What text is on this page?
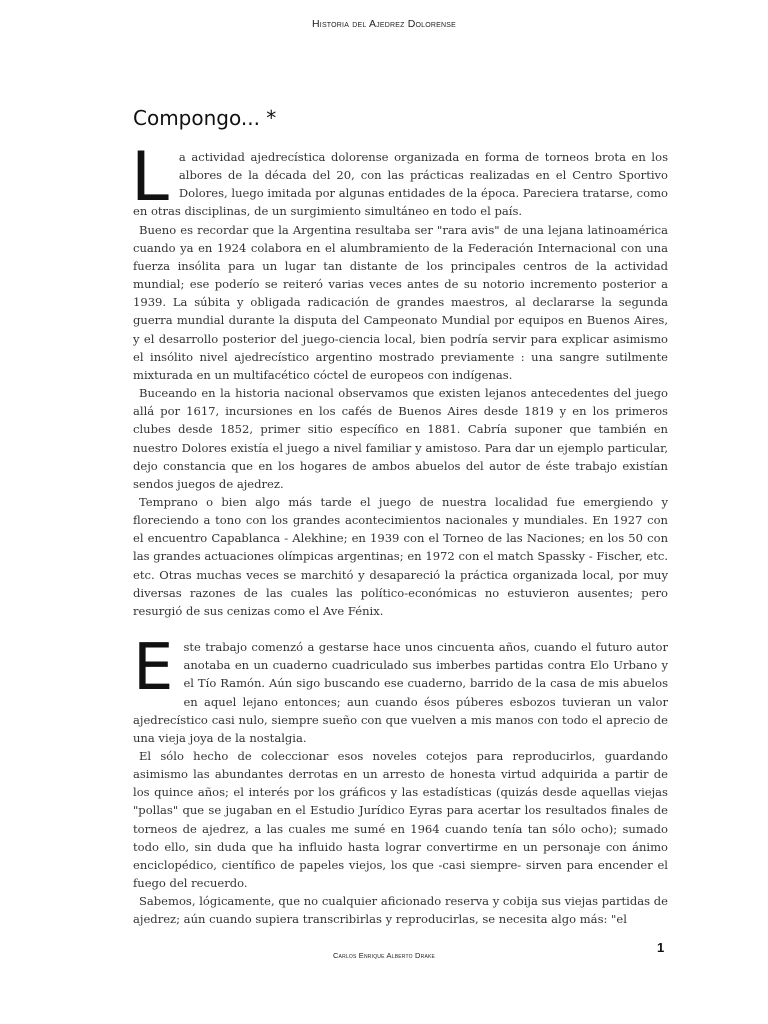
Historia del Ajedrez Dolorense
Compongo... *

La actividad ajedrecística dolorense organizada en forma de torneos brota en los albores de la década del 20, con las prácticas realizadas en el Centro Sportivo Dolores, luego imitada por algunas entidades de la época. Pareciera tratarse, como en otras disciplinas, de un surgimiento simultáneo en todo el país.

Bueno es recordar que la Argentina resultaba ser "rara avis" de una lejana latinoamérica cuando ya en 1924 colabora en el alumbramiento de la Federación Internacional con una fuerza insólita para un lugar tan distante de los principales centros de la actividad mundial; ese poderío se reiteró varias veces antes de su notorio incremento posterior a 1939. La súbita y obligada radicación de grandes maestros, al declararse la segunda guerra mundial durante la disputa del Campeonato Mundial por equipos en Buenos Aires, y el desarrollo posterior del juego-ciencia local, bien podría servir para explicar asimismo el insólito nivel ajedrecístico argentino mostrado previamente : una sangre sutilmente mixturada en un multifacético cóctel de europeos con indígenas.

Buceando en la historia nacional observamos que existen lejanos antecedentes del juego allá por 1617, incursiones en los cafés de Buenos Aires desde 1819 y en los primeros clubes desde 1852, primer sitio específico en 1881. Cabría suponer que también en nuestro Dolores existía el juego a nivel familiar y amistoso. Para dar un ejemplo particular, dejo constancia que en los hogares de ambos abuelos del autor de éste trabajo existían sendos juegos de ajedrez.

Temprano o bien algo más tarde el juego de nuestra localidad fue emergiendo y floreciendo a tono con los grandes acontecimientos nacionales y mundiales. En 1927 con el encuentro Capablanca - Alekhine; en 1939 con el Torneo de las Naciones; en los 50 con las grandes actuaciones olímpicas argentinas; en 1972 con el match Spassky - Fischer, etc. etc. Otras muchas veces se marchitó y desapareció la práctica organizada local, por muy diversas razones de las cuales las político-económicas no estuvieron ausentes; pero resurgió de sus cenizas como el Ave Fénix.

Este trabajo comenzó a gestarse hace unos cincuenta años, cuando el futuro autor anotaba en un cuaderno cuadriculado sus imberbes partidas contra Elo Urbano y el Tío Ramón. Aún sigo buscando ese cuaderno, barrido de la casa de mis abuelos en aquel lejano entonces; aun cuando ésos púberes esbozos tuvieran un valor ajedrecístico casi nulo, siempre sueño con que vuelven a mis manos con todo el aprecio de una vieja joya de la nostalgia.

El sólo hecho de coleccionar esos noveles cotejos para reproducirlos, guardando asimismo las abundantes derrotas en un arresto de honesta virtud adquirida a partir de los quince años; el interés por los gráficos y las estadísticas (quizás desde aquellas viejas "pollas" que se jugaban en el Estudio Jurídico Eyras para acertar los resultados finales de torneos de ajedrez, a las cuales me sumé en 1964 cuando tenía tan sólo ocho); sumado todo ello, sin duda que ha influido hasta lograr convertirme en un personaje con ánimo enciclopédico, científico de papeles viejos, los que -casi siempre- sirven para encender el fuego del recuerdo.

Sabemos, lógicamente, que no cualquier aficionado reserva y cobija sus viejas partidas de ajedrez; aún cuando supiera transcribirlas y reproducirlas, se necesita algo más: "el

1
Carlos Enrique Alberto Drake
